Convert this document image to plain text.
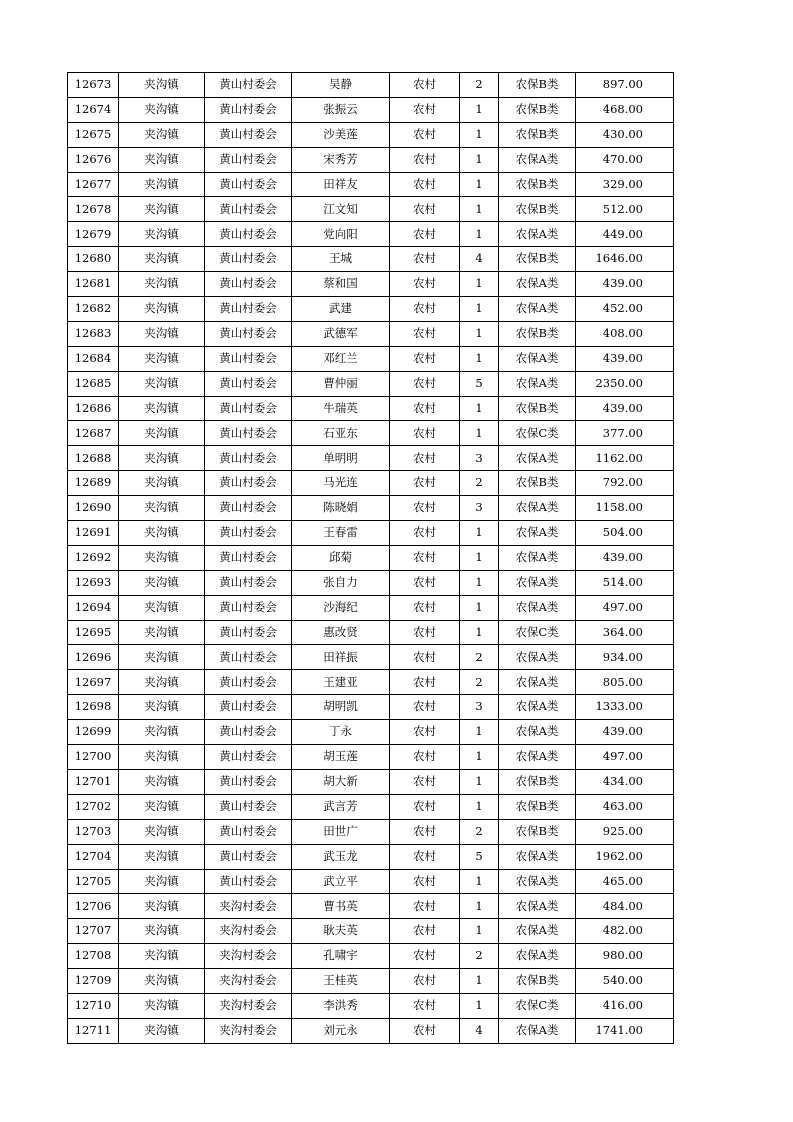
12673	夹沟镇	黄山村委会	吴静	农村	2	农保B类	897.00
12674	夹沟镇	黄山村委会	张振云	农村	1	农保B类	468.00
12675	夹沟镇	黄山村委会	沙美莲	农村	1	农保B类	430.00
12676	夹沟镇	黄山村委会	宋秀芳	农村	1	农保A类	470.00
12677	夹沟镇	黄山村委会	田祥友	农村	1	农保B类	329.00
12678	夹沟镇	黄山村委会	江文知	农村	1	农保B类	512.00
12679	夹沟镇	黄山村委会	党向阳	农村	1	农保A类	449.00
12680	夹沟镇	黄山村委会	王城	农村	4	农保B类	1646.00
12681	夹沟镇	黄山村委会	蔡和国	农村	1	农保A类	439.00
12682	夹沟镇	黄山村委会	武建	农村	1	农保A类	452.00
12683	夹沟镇	黄山村委会	武德军	农村	1	农保B类	408.00
12684	夹沟镇	黄山村委会	邓红兰	农村	1	农保A类	439.00
12685	夹沟镇	黄山村委会	曹仲丽	农村	5	农保A类	2350.00
12686	夹沟镇	黄山村委会	牛瑞英	农村	1	农保B类	439.00
12687	夹沟镇	黄山村委会	石亚东	农村	1	农保C类	377.00
12688	夹沟镇	黄山村委会	单明明	农村	3	农保A类	1162.00
12689	夹沟镇	黄山村委会	马光连	农村	2	农保B类	792.00
12690	夹沟镇	黄山村委会	陈晓娟	农村	3	农保A类	1158.00
12691	夹沟镇	黄山村委会	王春雷	农村	1	农保A类	504.00
12692	夹沟镇	黄山村委会	邱菊	农村	1	农保A类	439.00
12693	夹沟镇	黄山村委会	张自力	农村	1	农保A类	514.00
12694	夹沟镇	黄山村委会	沙海纪	农村	1	农保A类	497.00
12695	夹沟镇	黄山村委会	惠改贤	农村	1	农保C类	364.00
12696	夹沟镇	黄山村委会	田祥振	农村	2	农保A类	934.00
12697	夹沟镇	黄山村委会	王建亚	农村	2	农保A类	805.00
12698	夹沟镇	黄山村委会	胡明凯	农村	3	农保A类	1333.00
12699	夹沟镇	黄山村委会	丁永	农村	1	农保A类	439.00
12700	夹沟镇	黄山村委会	胡玉莲	农村	1	农保A类	497.00
12701	夹沟镇	黄山村委会	胡大新	农村	1	农保B类	434.00
12702	夹沟镇	黄山村委会	武言芳	农村	1	农保B类	463.00
12703	夹沟镇	黄山村委会	田世广	农村	2	农保B类	925.00
12704	夹沟镇	黄山村委会	武玉龙	农村	5	农保A类	1962.00
12705	夹沟镇	黄山村委会	武立平	农村	1	农保A类	465.00
12706	夹沟镇	夹沟村委会	曹书英	农村	1	农保A类	484.00
12707	夹沟镇	夹沟村委会	耿夫英	农村	1	农保A类	482.00
12708	夹沟镇	夹沟村委会	孔啸宇	农村	2	农保A类	980.00
12709	夹沟镇	夹沟村委会	王桂英	农村	1	农保B类	540.00
12710	夹沟镇	夹沟村委会	李洪秀	农村	1	农保C类	416.00
12711	夹沟镇	夹沟村委会	刘元永	农村	4	农保A类	1741.00
